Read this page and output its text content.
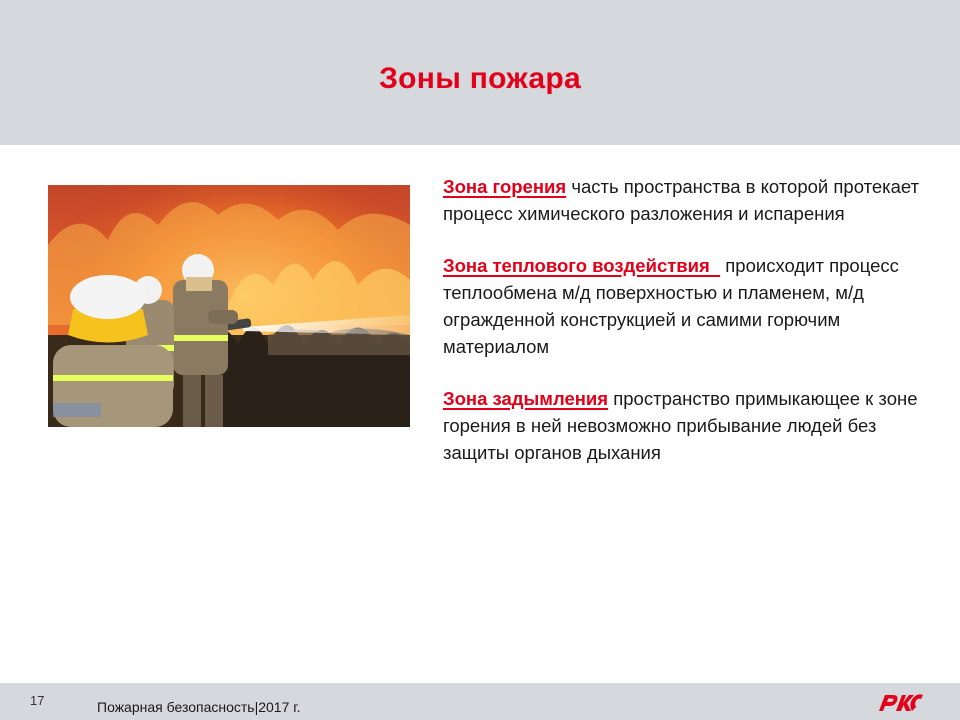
Зоны пожара

Зона горения часть пространства в которой протекает процесс химического разложения и испарения

Зона теплового воздействия   происходит процесс теплообмена м/д поверхностью и пламенем, м/д огражденной конструкцией и самими горючим материалом

Зона задымления пространство примыкающее к зоне горения в ней невозможно прибывание людей без защиты органов дыхания

17	Пожарная безопасность|2017 г.
